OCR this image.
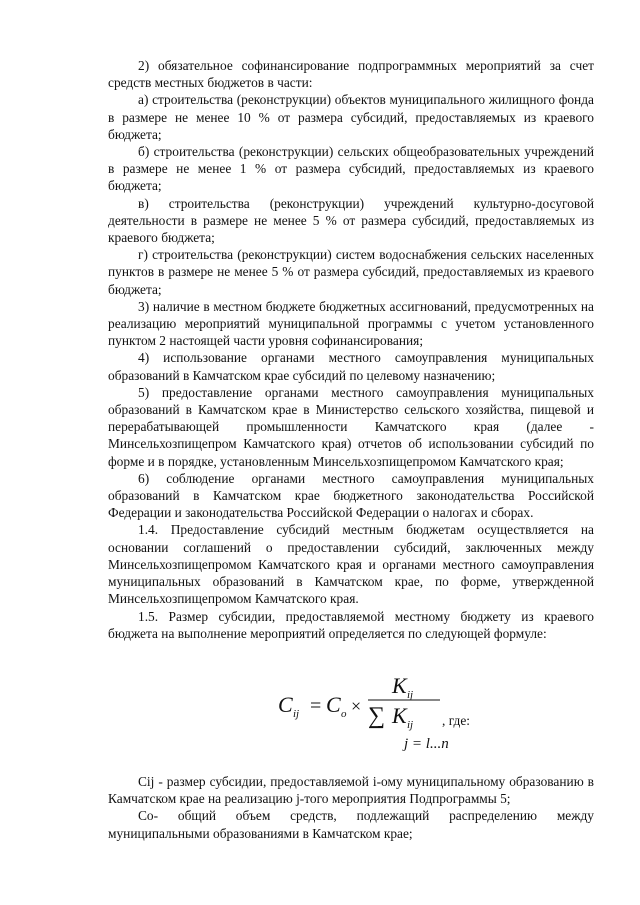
2) обязательное софинансирование подпрограммных мероприятий за счет средств местных бюджетов в части:

а) строительства (реконструкции) объектов муниципального жилищного фонда в размере не менее 10 % от размера субсидий, предоставляемых из краевого бюджета;

б) строительства (реконструкции) сельских общеобразовательных учреждений в размере не менее 1 % от размера субсидий, предоставляемых из краевого бюджета;

в) строительства (реконструкции) учреждений культурно-досуговой деятельности в размере не менее 5 % от размера субсидий, предоставляемых из краевого бюджета;

г) строительства (реконструкции) систем водоснабжения сельских населенных пунктов в размере не менее 5 % от размера субсидий, предоставляемых из краевого бюджета;

3) наличие в местном бюджете бюджетных ассигнований, предусмотренных на реализацию мероприятий муниципальной программы с учетом установленного пунктом 2 настоящей части уровня софинансирования;

4) использование органами местного самоуправления муниципальных образований в Камчатском крае субсидий по целевому назначению;

5) предоставление органами местного самоуправления муниципальных образований в Камчатском крае в Министерство сельского хозяйства, пищевой и перерабатывающей промышленности Камчатского края (далее - Минсельхозпищепром Камчатского края) отчетов об использовании субсидий по форме и в порядке, установленным Минсельхозпищепромом Камчатского края;

6) соблюдение органами местного самоуправления муниципальных образований в Камчатском крае бюджетного законодательства Российской Федерации и законодательства Российской Федерации о налогах и сборах.

1.4. Предоставление субсидий местным бюджетам осуществляется на основании соглашений о предоставлении субсидий, заключенных между Минсельхозпищепромом Камчатского края и органами местного самоуправления муниципальных образований в Камчатском крае, по форме, утвержденной Минсельхозпищепромом Камчатского края.

1.5. Размер субсидии, предоставляемой местному бюджету из краевого бюджета на выполнение мероприятий определяется по следующей формуле:

C ij = C o ×
K ij
∑ K ij
j = l...n
, где:

Cij - размер субсидии, предоставляемой i-ому муниципальному образованию в Камчатском крае на реализацию j-того мероприятия Подпрограммы 5;

Со- общий объем средств, подлежащий распределению между муниципальными образованиями в Камчатском крае;
